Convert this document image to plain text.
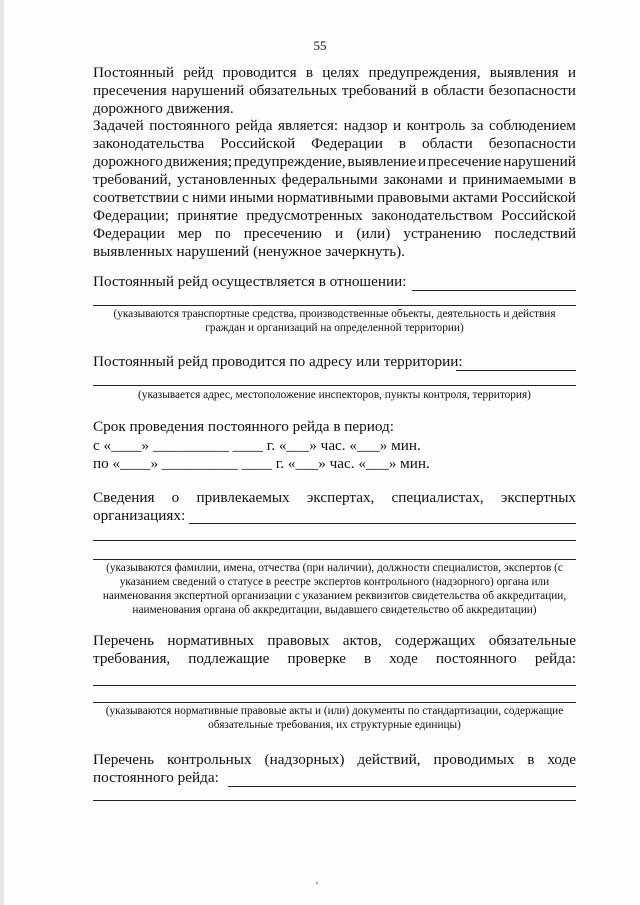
55
Постоянный рейд проводится в целях предупреждения, выявления и
пресечения нарушений обязательных требований в области безопасности
дорожного движения.
Задачей постоянного рейда является: надзор и контроль за соблюдением
законодательства Российской Федерации в области безопасности
дорожного движения; предупреждение, выявление и пресечение нарушений
требований, установленных федеральными законами и принимаемыми в
соответствии с ними иными нормативными правовыми актами Российской
Федерации; принятие предусмотренных законодательством Российской
Федерации мер по пресечению и (или) устранению последствий
выявленных нарушений (ненужное зачеркнуть).
Постоянный рейд осуществляется в отношении:
(указываются транспортные средства, производственные объекты, деятельность и действия
граждан и организаций на определенной территории)
Постоянный рейд проводится по адресу или территории:
(указывается адрес, местоположение инспекторов, пункты контроля, территория)
Срок проведения постоянного рейда в период:
с «____» __________ ____ г. «___» час. «___» мин.
по «____» __________ ____ г. «___» час. «___» мин.
Сведения о привлекаемых экспертах, специалистах, экспертных
организациях:
(указываются фамилии, имена, отчества (при наличии), должности специалистов, экспертов (с
указанием сведений о статусе в реестре экспертов контрольного (надзорного) органа или
наименования экспертной организации с указанием реквизитов свидетельства об аккредитации,
наименования органа об аккредитации, выдавшего свидетельство об аккредитации)
Перечень нормативных правовых актов, содержащих обязательные
требования, подлежащие проверке в ходе постоянного рейда:
(указываются нормативные правовые акты и (или) документы по стандартизации, содержащие
обязательные требования, их структурные единицы)
Перечень контрольных (надзорных) действий, проводимых в ходе
постоянного рейда:
